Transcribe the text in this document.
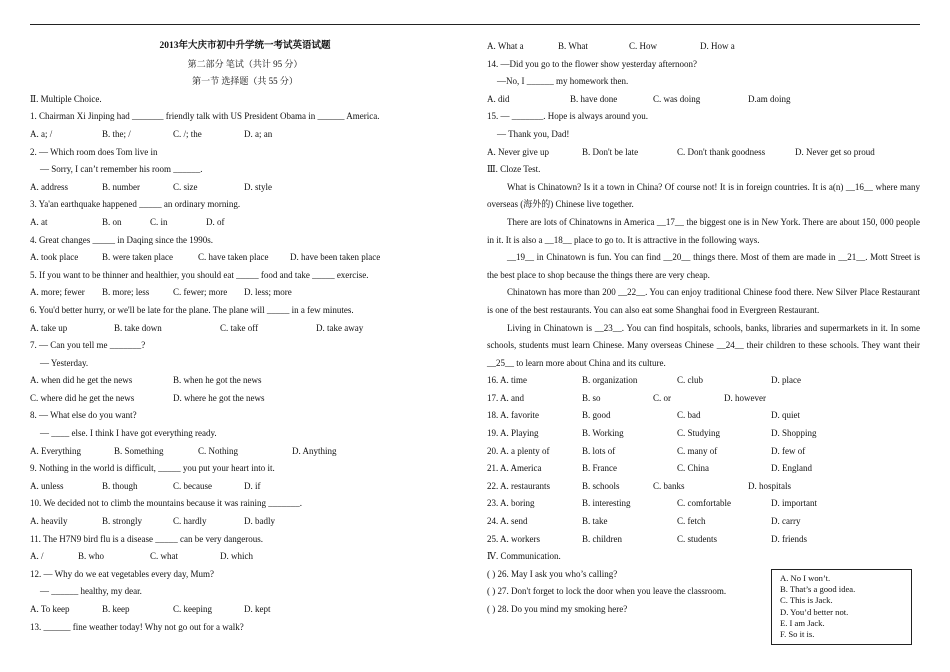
2013年大庆市初中升学统一考试英语试题
第二部分 笔试（共计 95 分）
第一节 选择题（共 55 分）
Ⅱ. Multiple Choice.
1. Chairman Xi Jinping had _______ friendly talk with US President Obama in ______ America.
A. a; /	B. the; /	C. /; the	D. a; an
2. — Which room does Tom live in
— Sorry, I can’t remember his room ______.
A. address	B. number	C. size	D. style
3. Ya'an earthquake happened _____ an ordinary morning.
A. at	B. on	C. in	D. of
4. Great changes _____ in Daqing since the 1990s.
A. took place	B. were taken place	C. have taken place D. have been taken place
5. If you want to be thinner and healthier, you should eat _____ food and take _____ exercise.
A. more; fewer B. more; less	C. fewer; more D. less; more
6. You'd better hurry, or we'll be late for the plane. The plane will _____ in a few minutes.
A. take up	B. take down	C. take off	D. take away
7. — Can you tell me _______?
— Yesterday.
A. when did he get the news	B. when he got the news
C. where did he get the news	D. where he got the news
8. — What else do you want?
— ____ else. I think I have got everything ready.
A. Everything	B. Something	C. Nothing	D. Anything
9. Nothing in the world is difficult, _____ you put your heart into it.
A. unless	B. though	C. because	D. if
10. We decided not to climb the mountains because it was raining _______.
A. heavily	B. strongly	C. hardly	D. badly
11. The H7N9 bird flu is a disease _____ can be very dangerous.
A. /	B. who	C. what	D. which
12. — Why do we eat vegetables every day, Mum?
— ______ healthy, my dear.
A. To keep	B. keep	C. keeping	D. kept
13. ______ fine weather today! Why not go out for a walk?
A. What a	B. What	C. How	D. How a
14. —Did you go to the flower show yesterday afternoon?
—No, I ______ my homework then.
A. did	B. have done	C. was doing	D.am doing
15. — _______. Hope is always around you.
— Thank you, Dad!
A. Never give up	B. Don't be late	C. Don't thank goodness	D. Never get so proud
Ⅲ. Cloze Test.
What is Chinatown? Is it a town in China? Of course not! It is in foreign countries. It is a(n) __16__ where many overseas (海外的) Chinese live together.
There are lots of Chinatowns in America __17__ the biggest one is in New York. There are about 150, 000 people in it. It is also a __18__ place to go to. It is attractive in the following ways.
__19__ in Chinatown is fun. You can find __20__ things there. Most of them are made in __21__. Mott Street is the best place to shop because the things there are very cheap.
Chinatown has more than 200 __22__. You can enjoy traditional Chinese food there. New Silver Place Restaurant is one of the best restaurants. You can also eat some Shanghai food in Evergreen Restaurant.
Living in Chinatown is __23__. You can find hospitals, schools, banks, libraries and supermarkets in it. In some schools, students must learn Chinese. Many overseas Chinese __24__ their children to these schools. They want their __25__ to learn more about China and its culture.
16. A. time	B. organization	C. club	D. place
17. A. and	B. so	C. or	D. however
18. A. favorite	B. good	C. bad	D. quiet
19. A. Playing	B. Working	C. Studying	D. Shopping
20. A. a plenty of	B. lots of	C. many of	D. few of
21. A. America	B. France	C. China	D. England
22. A. restaurants	B. schools	C. banks	D. hospitals
23. A. boring	B. interesting	C. comfortable	D. important
24. A. send	B. take	C. fetch	D. carry
25. A. workers	B. children	C. students	D. friends
Ⅳ. Communication.
( ) 26. May I ask you who’s calling?
( ) 27. Don't forget to lock the door when you leave the classroom.
( ) 28. Do you mind my smoking here?
A. No I won’t.
B. That’s a good idea.
C. This is Jack.
D. You’d better not.
E. I am Jack.
F. So it is.
